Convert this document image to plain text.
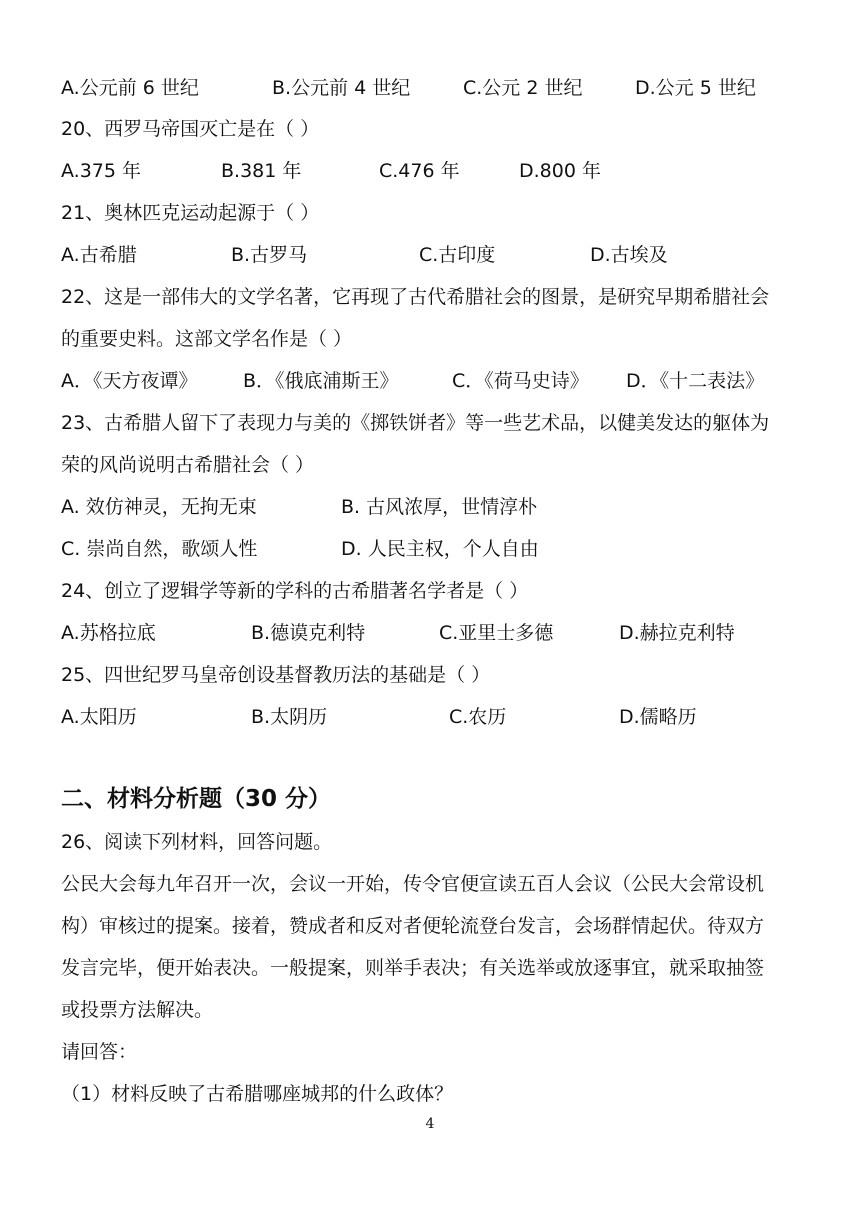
A.公元前 6 世纪	B.公元前 4 世纪	C.公元 2 世纪	D.公元 5 世纪
20、西罗马帝国灭亡是在（ ）
A.375 年	B.381 年	C.476 年	D.800 年
21、奥林匹克运动起源于（ ）
A.古希腊	B.古罗马	C.古印度	D.古埃及
22、这是一部伟大的文学名著，它再现了古代希腊社会的图景，是研究早期希腊社会
的重要史料。这部文学名作是（ ）
A．《天方夜谭》 B．《俄底浦斯王》	C．《荷马史诗》 D．《十二表法》
23、古希腊人留下了表现力与美的《掷铁饼者》等一些艺术品，以健美发达的躯体为
荣的风尚说明古希腊社会（ ）
A. 效仿神灵，无拘无束	B. 古风浓厚，世情淳朴
C. 崇尚自然，歌颂人性	D. 人民主权，个人自由
24、创立了逻辑学等新的学科的古希腊著名学者是（ ）
A.苏格拉底	B.德谟克利特	C.亚里士多德	D.赫拉克利特
25、四世纪罗马皇帝创设基督教历法的基础是（ ）
A.太阳历	B.太阴历	C.农历	D.儒略历
二、材料分析题（30 分）
26、阅读下列材料，回答问题。
公民大会每九年召开一次，会议一开始，传令官便宣读五百人会议（公民大会常设机
构）审核过的提案。接着，赞成者和反对者便轮流登台发言，会场群情起伏。待双方
发言完毕，便开始表决。一般提案，则举手表决；有关选举或放逐事宜，就采取抽签
或投票方法解决。
请回答：
（1）材料反映了古希腊哪座城邦的什么政体？
4
